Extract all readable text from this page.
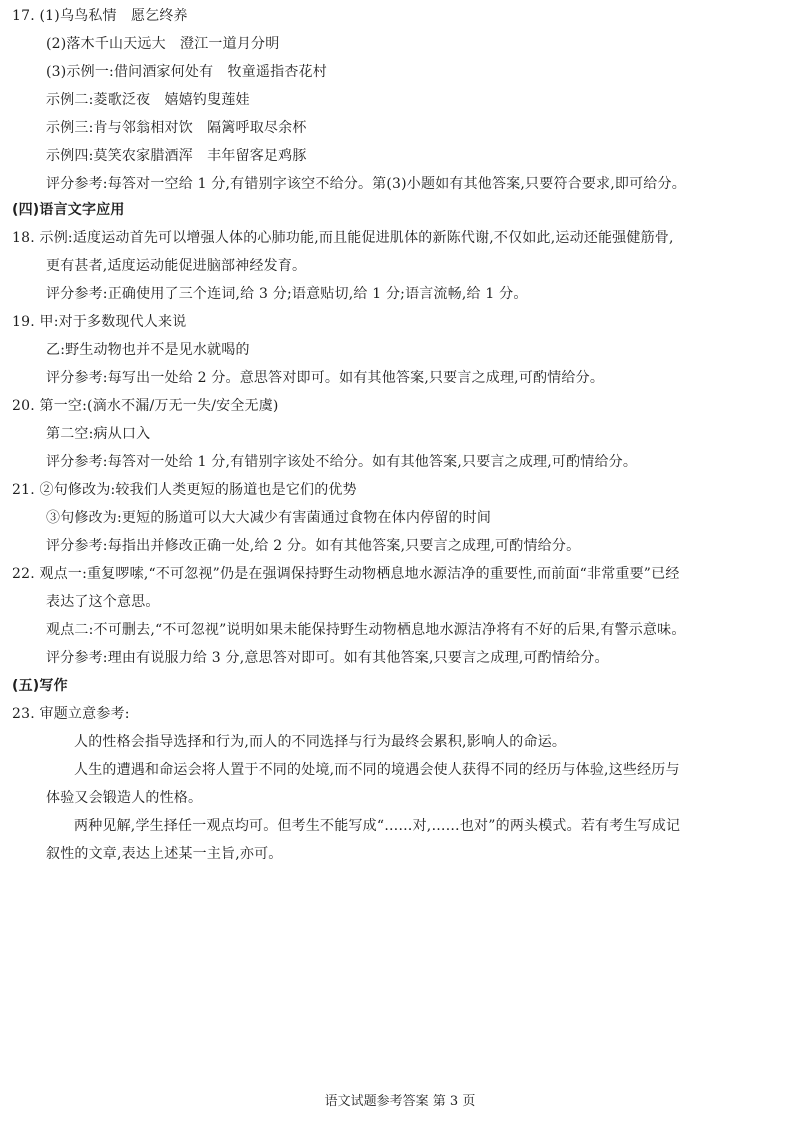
17. (1)乌鸟私情　愿乞终养
(2)落木千山天远大　澄江一道月分明
(3)示例一:借问酒家何处有　牧童遥指杏花村
示例二:菱歌泛夜　嬉嬉钓叟莲娃
示例三:肯与邻翁相对饮　隔篱呼取尽余杯
示例四:莫笑农家腊酒浑　丰年留客足鸡豚
评分参考:每答对一空给 1 分,有错别字该空不给分。第(3)小题如有其他答案,只要符合要求,即可给分。
(四)语言文字应用
18. 示例:适度运动首先可以增强人体的心肺功能,而且能促进肌体的新陈代谢,不仅如此,运动还能强健筋骨,
更有甚者,适度运动能促进脑部神经发育。
评分参考:正确使用了三个连词,给 3 分;语意贴切,给 1 分;语言流畅,给 1 分。
19. 甲:对于多数现代人来说
乙:野生动物也并不是见水就喝的
评分参考:每写出一处给 2 分。意思答对即可。如有其他答案,只要言之成理,可酌情给分。
20. 第一空:(滴水不漏/万无一失/安全无虞)
第二空:病从口入
评分参考:每答对一处给 1 分,有错别字该处不给分。如有其他答案,只要言之成理,可酌情给分。
21. ②句修改为:较我们人类更短的肠道也是它们的优势
③句修改为:更短的肠道可以大大减少有害菌通过食物在体内停留的时间
评分参考:每指出并修改正确一处,给 2 分。如有其他答案,只要言之成理,可酌情给分。
22. 观点一:重复啰嗦,“不可忽视”仍是在强调保持野生动物栖息地水源洁净的重要性,而前面“非常重要”已经
表达了这个意思。
观点二:不可删去,“不可忽视”说明如果未能保持野生动物栖息地水源洁净将有不好的后果,有警示意味。
评分参考:理由有说服力给 3 分,意思答对即可。如有其他答案,只要言之成理,可酌情给分。
(五)写作
23. 审题立意参考:
人的性格会指导选择和行为,而人的不同选择与行为最终会累积,影响人的命运。
人生的遭遇和命运会将人置于不同的处境,而不同的境遇会使人获得不同的经历与体验,这些经历与
体验又会锻造人的性格。
两种见解,学生择任一观点均可。但考生不能写成“……对,……也对”的两头模式。若有考生写成记
叙性的文章,表达上述某一主旨,亦可。
语文试题参考答案 第 3 页
